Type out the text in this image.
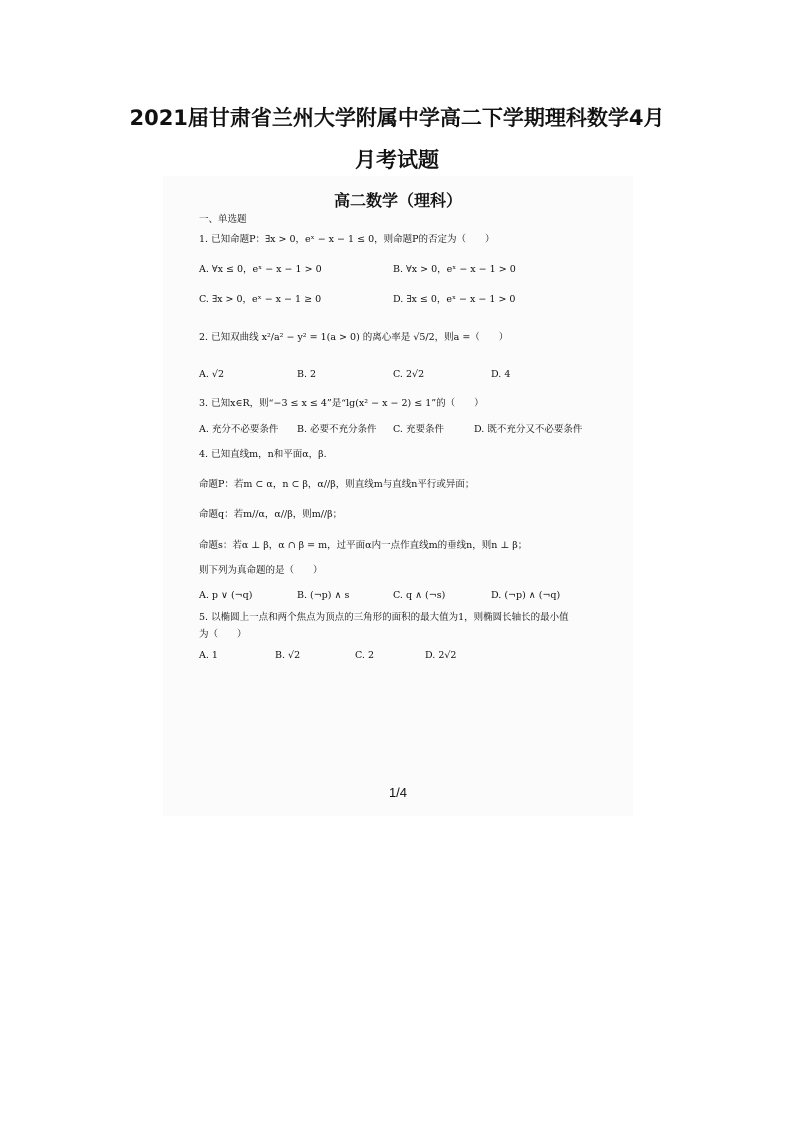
2021届甘肃省兰州大学附属中学高二下学期理科数学4月
月考试题
高二数学（理科）
一、单选题
1. 已知命题P：∃x > 0，eˣ − x − 1 ≤ 0，则命题P的否定为（　　）
A. ∀x ≤ 0，eˣ − x − 1 > 0	B. ∀x > 0，eˣ − x − 1 > 0
C. ∃x > 0，eˣ − x − 1 ≥ 0	D. ∃x ≤ 0，eˣ − x − 1 > 0
2. 已知双曲线 x²/a² − y² = 1(a > 0) 的离心率是 √5/2，则a =（　　）
A. √2	B. 2	C. 2√2	D. 4
3. 已知x∈R，则“−3 ≤ x ≤ 4”是“lg(x² − x − 2) ≤ 1”的（　　）
A. 充分不必要条件 B. 必要不充分条件 C. 充要条件	D. 既不充分又不必要条件
4. 已知直线m，n和平面α，β.
命题P：若m ⊂ α，n ⊂ β，α//β，则直线m与直线n平行或异面；
命题q：若m//α，α//β，则m//β；
命题s：若α ⊥ β，α ∩ β = m，过平面α内一点作直线m的垂线n，则n ⊥ β；
则下列为真命题的是（　　）
A. p ∨ (¬q)	B. (¬p) ∧ s	C. q ∧ (¬s)	D. (¬p) ∧ (¬q)
5. 以椭圆上一点和两个焦点为顶点的三角形的面积的最大值为1，则椭圆长轴长的最小值
为（　　）
A. 1	B. √2	C. 2	D. 2√2
1/4
